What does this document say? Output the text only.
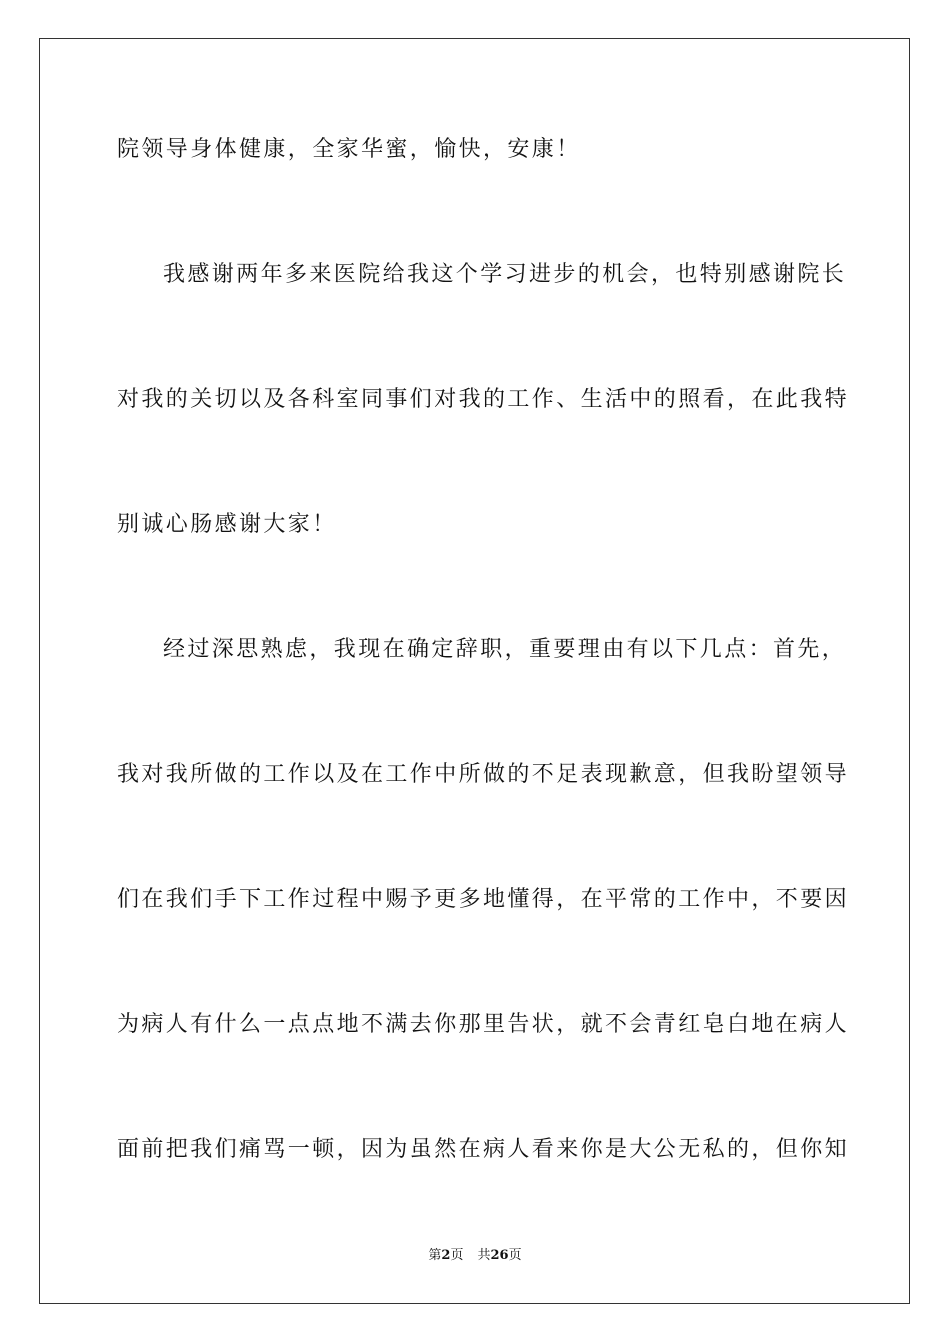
院领导身体健康，全家华蜜，愉快，安康！
我感谢两年多来医院给我这个学习进步的机会，也特别感谢院长
对我的关切以及各科室同事们对我的工作、生活中的照看，在此我特
别诚心肠感谢大家！
经过深思熟虑，我现在确定辞职，重要理由有以下几点：首先，
我对我所做的工作以及在工作中所做的不足表现歉意，但我盼望领导
们在我们手下工作过程中赐予更多地懂得，在平常的工作中，不要因
为病人有什么一点点地不满去你那里告状，就不会青红皂白地在病人
面前把我们痛骂一顿，因为虽然在病人看来你是大公无私的，但你知
第2页 共26页
